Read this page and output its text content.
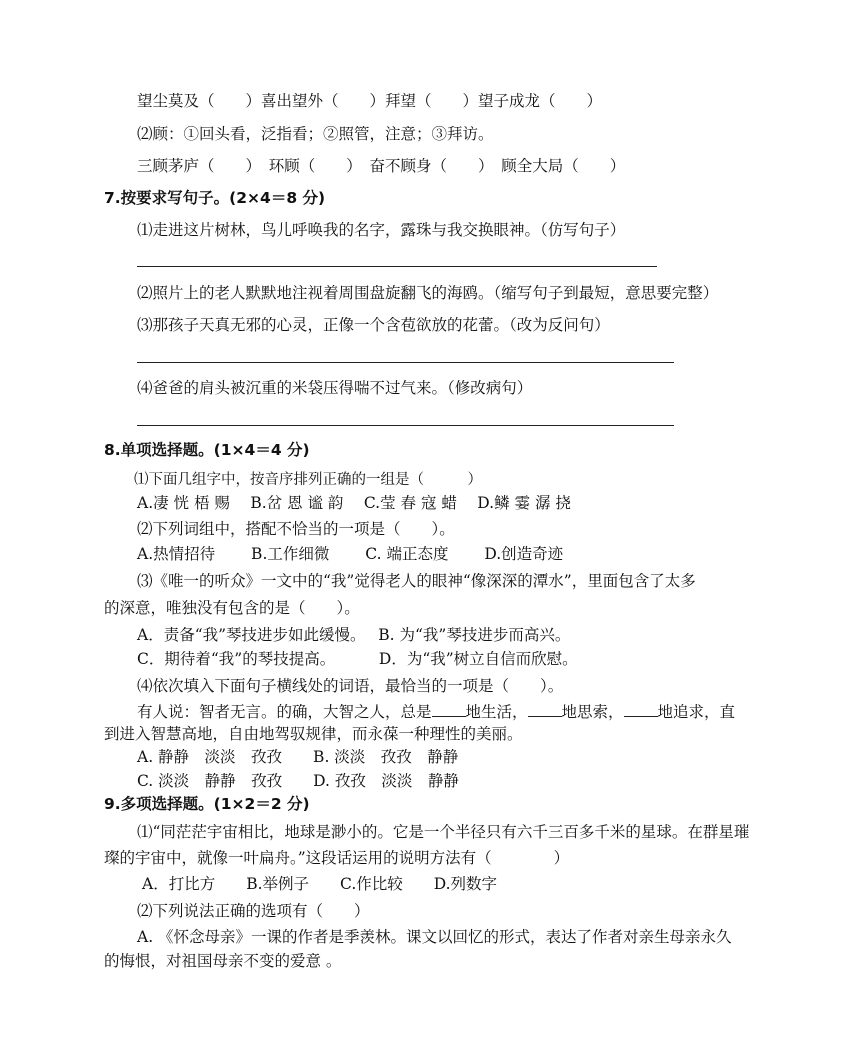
望尘莫及（　　）喜出望外（　　）拜望（　　）望子成龙（　　）
⑵顾：①回头看，泛指看；②照管，注意；③拜访。
三顾茅庐（　　）　环顾（　　）　奋不顾身（　　）　顾全大局（　　）
7.按要求写句子。(2×4＝8 分)
⑴走进这片树林，鸟儿呼唤我的名字，露珠与我交换眼神。（仿写句子）
⑵照片上的老人默默地注视着周围盘旋翻飞的海鸥。（缩写句子到最短，意思要完整）
⑶那孩子天真无邪的心灵，正像一个含苞欲放的花蕾。（改为反问句）
⑷爸爸的肩头被沉重的米袋压得喘不过气来。（修改病句）
8.单项选择题。(1×4＝4 分)
⑴下面几组字中，按音序排列正确的一组是（　　　）
A.凄 恍 梧 赐　 B.岔 恩 谧 韵　 C.莹 春 寇 蜡　 D.鳞 霎 潺 挠
⑵下列词组中，搭配不恰当的一项是（　　）。
A.热情招待　　 B.工作细微　　 C. 端正态度　　 D.创造奇迹
⑶《唯一的听众》一文中的“我”觉得老人的眼神“像深深的潭水”，里面包含了太多
的深意，唯独没有包含的是（　　）。
A．责备“我”琴技进步如此缓慢。　 B. 为“我”琴技进步而高兴。
C．期待着“我”的琴技提高。　　　 D．为“我”树立自信而欣慰。
⑷依次填入下面句子横线处的词语，最恰当的一项是（　　）。
有人说：智者无言。的确，大智之人，总是 地生活， 地思索， 地追求，直
到进入智慧高地，自由地驾驭规律，而永葆一种理性的美丽。
A. 静静　淡淡　孜孜　　B. 淡淡　孜孜　静静
C. 淡淡　静静　孜孜　　D. 孜孜　淡淡　静静
9.多项选择题。(1×2＝2 分)
⑴“同茫茫宇宙相比，地球是渺小的。它是一个半径只有六千三百多千米的星球。在群星璀
璨的宇宙中，就像一叶扁舟。”这段话运用的说明方法有（　　　　）
A．打比方　　B.举例子　　C.作比较　　D.列数字
⑵下列说法正确的选项有（　　）
A. 《怀念母亲》一课的作者是季羡林。课文以回忆的形式，表达了作者对亲生母亲永久
的悔恨，对祖国母亲不变的爱意 。
